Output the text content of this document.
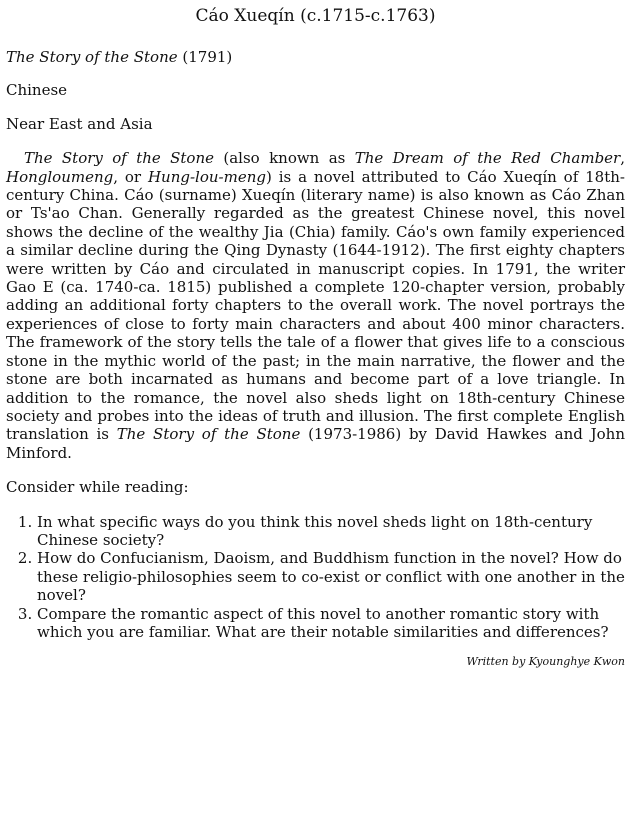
Cáo Xueqín (c.1715-c.1763)

The Story of the Stone (1791)

Chinese

Near East and Asia

The Story of the Stone (also known as The Dream of the Red Chamber, Hongloumeng, or Hung-lou-meng) is a novel attributed to Cáo Xueqín of 18th-century China. Cáo (surname) Xueqín (literary name) is also known as Cáo Zhan or Ts'ao Chan. Generally regarded as the greatest Chinese novel, this novel shows the decline of the wealthy Jia (Chia) family. Cáo's own family experienced a similar decline during the Qing Dynasty (1644-1912). The first eighty chapters were written by Cáo and circulated in manuscript copies. In 1791, the writer Gao E (ca. 1740-ca. 1815) published a complete 120-chapter version, probably adding an additional forty chapters to the overall work. The novel portrays the experiences of close to forty main characters and about 400 minor characters. The framework of the story tells the tale of a flower that gives life to a conscious stone in the mythic world of the past; in the main narrative, the flower and the stone are both incarnated as humans and become part of a love triangle. In addition to the romance, the novel also sheds light on 18th-century Chinese society and probes into the ideas of truth and illusion. The first complete English translation is The Story of the Stone (1973-1986) by David Hawkes and John Minford.

Consider while reading:

1. In what specific ways do you think this novel sheds light on 18th-century Chinese society?
2. How do Confucianism, Daoism, and Buddhism function in the novel? How do these religio-philosophies seem to co-exist or conflict with one another in the novel?
3. Compare the romantic aspect of this novel to another romantic story with which you are familiar. What are their notable similarities and differences?

Written by Kyounghye Kwon
